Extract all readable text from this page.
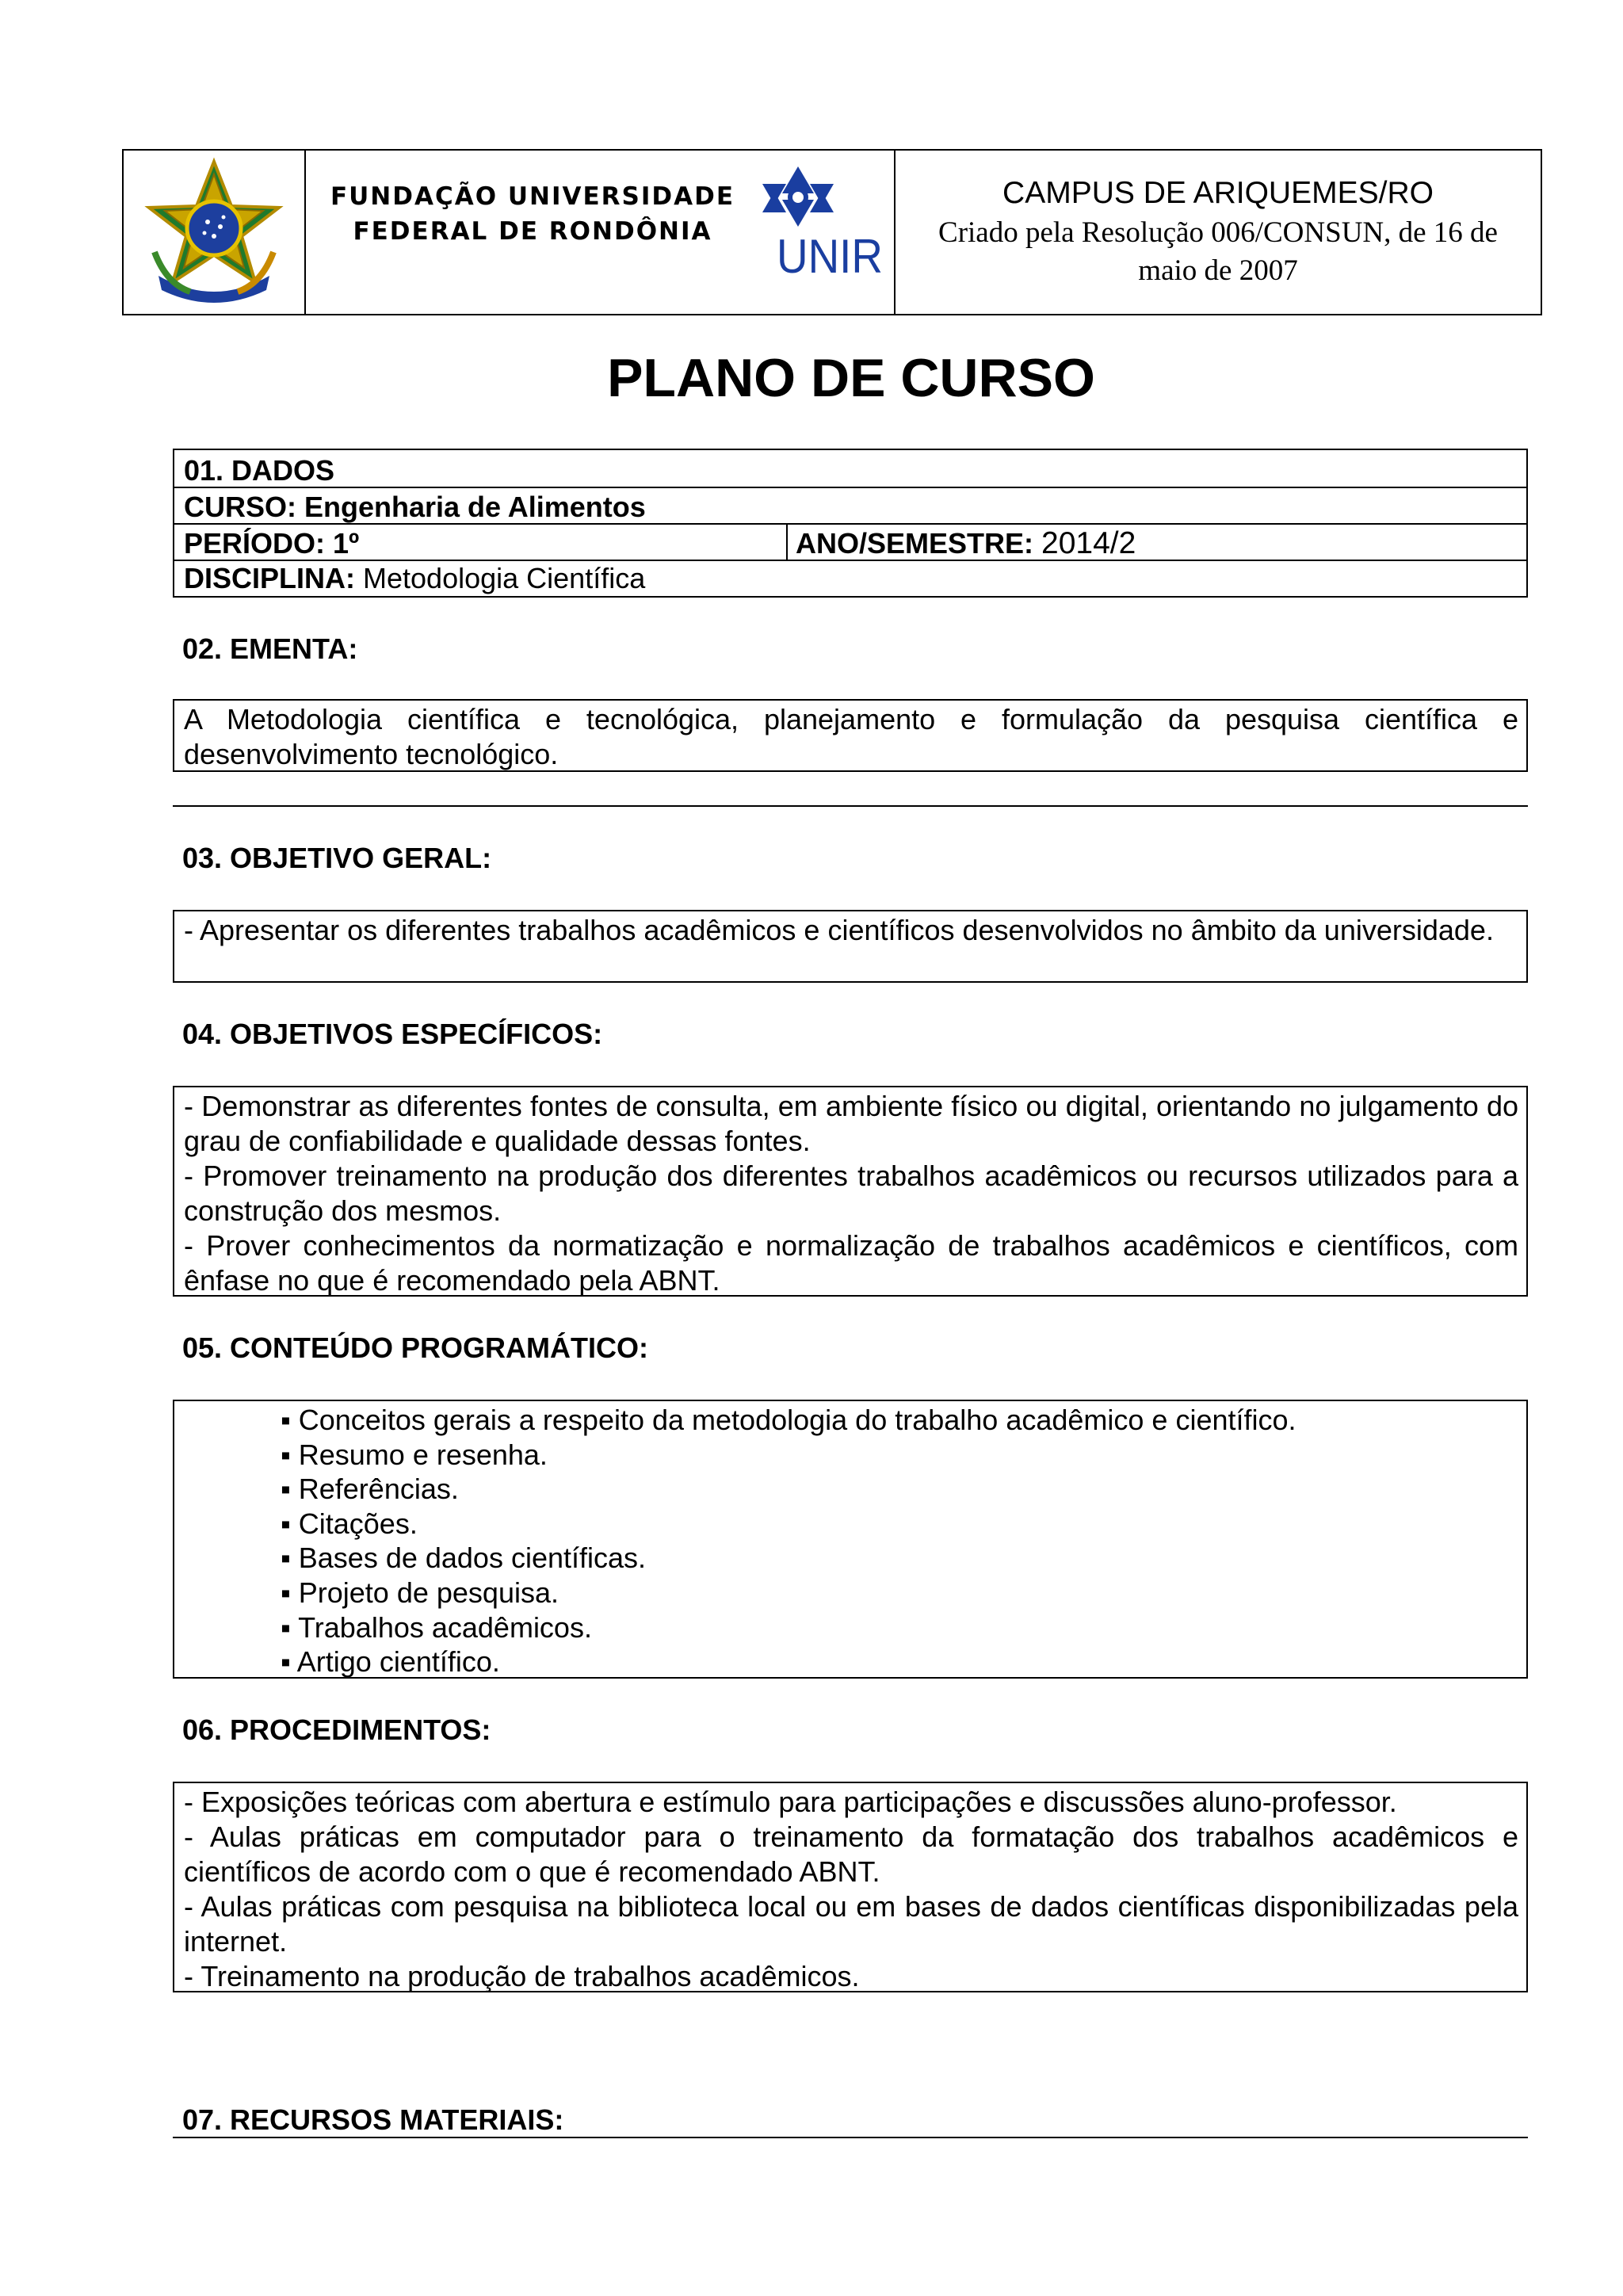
FUNDAÇÃO UNIVERSIDADE
FEDERAL DE RONDÔNIA	UNIR
CAMPUS DE ARIQUEMES/RO
Criado pela Resolução 006/CONSUN, de 16 de
maio de 2007
PLANO DE CURSO
01. DADOS
CURSO: Engenharia de Alimentos
PERÍODO: 1º	ANO/SEMESTRE: 2014/2
DISCIPLINA: Metodologia Científica
02. EMENTA:
A Metodologia científica e tecnológica, planejamento e formulação da pesquisa científica e desenvolvimento tecnológico.
03. OBJETIVO GERAL:
- Apresentar os diferentes trabalhos acadêmicos e científicos desenvolvidos no âmbito da universidade.
04. OBJETIVOS ESPECÍFICOS:
- Demonstrar as diferentes fontes de consulta, em ambiente físico ou digital, orientando no julgamento do grau de confiabilidade e qualidade dessas fontes.
- Promover treinamento na produção dos diferentes trabalhos acadêmicos ou recursos utilizados para a construção dos mesmos.
- Prover conhecimentos da normatização e normalização de trabalhos acadêmicos e científicos, com ênfase no que é recomendado pela ABNT.
05. CONTEÚDO PROGRAMÁTICO:
▪ Conceitos gerais a respeito da metodologia do trabalho acadêmico e científico.
▪ Resumo e resenha.
▪ Referências.
▪ Citações.
▪ Bases de dados científicas.
▪ Projeto de pesquisa.
▪ Trabalhos acadêmicos.
▪ Artigo científico.
06. PROCEDIMENTOS:
- Exposições teóricas com abertura e estímulo para participações e discussões aluno-professor.
- Aulas práticas em computador para o treinamento da formatação dos trabalhos acadêmicos e científicos de acordo com o que é recomendado ABNT.
- Aulas práticas com pesquisa na biblioteca local ou em bases de dados científicas disponibilizadas pela internet.
- Treinamento na produção de trabalhos acadêmicos.
07. RECURSOS MATERIAIS:
